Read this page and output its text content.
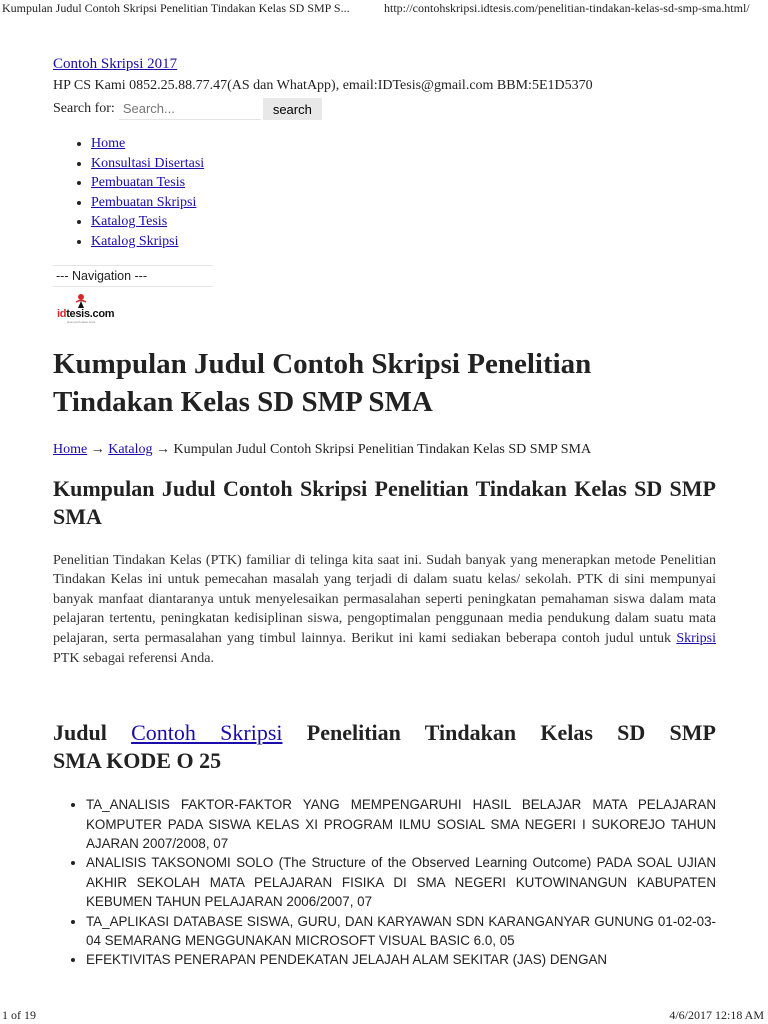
Kumpulan Judul Contoh Skripsi Penelitian Tindakan Kelas SD SMP S...	http://contohskripsi.idtesis.com/penelitian-tindakan-kelas-sd-smp-sma.html/
Contoh Skripsi 2017
HP CS Kami 0852.25.88.77.47(AS dan WhatApp), email:IDTesis@gmail.com BBM:5E1D5370
Search for:
Search...	search
• Home
• Konsultasi Disertasi
• Pembuatan Tesis
• Pembuatan Skripsi
• Katalog Tesis
• Katalog Skripsi
--- Navigation ---
idtesis.com
jasa pembuatan tesis
Kumpulan Judul Contoh Skripsi Penelitian Tindakan Kelas SD SMP SMA
Home → Katalog → Kumpulan Judul Contoh Skripsi Penelitian Tindakan Kelas SD SMP SMA
Kumpulan Judul Contoh Skripsi Penelitian Tindakan Kelas SD SMP SMA

Penelitian Tindakan Kelas (PTK) familiar di telinga kita saat ini. Sudah banyak yang menerapkan metode Penelitian Tindakan Kelas ini untuk pemecahan masalah yang terjadi di dalam suatu kelas/ sekolah. PTK di sini mempunyai banyak manfaat diantaranya untuk menyelesaikan permasalahan seperti peningkatan pemahaman siswa dalam mata pelajaran tertentu, peningkatan kedisiplinan siswa, pengoptimalan penggunaan media pendukung dalam suatu mata pelajaran, serta permasalahan yang timbul lainnya. Berikut ini kami sediakan beberapa contoh judul untuk Skripsi PTK sebagai referensi Anda.

Judul Contoh Skripsi Penelitian Tindakan Kelas SD SMP
SMA KODE O 25
• TA_ANALISIS FAKTOR-FAKTOR YANG MEMPENGARUHI HASIL BELAJAR MATA PELAJARAN KOMPUTER PADA SISWA KELAS XI PROGRAM ILMU SOSIAL SMA NEGERI I SUKOREJO TAHUN AJARAN 2007/2008, 07
• ANALISIS TAKSONOMI SOLO (The Structure of the Observed Learning Outcome) PADA SOAL UJIAN AKHIR SEKOLAH MATA PELAJARAN FISIKA DI SMA NEGERI KUTOWINANGUN KABUPATEN KEBUMEN TAHUN PELAJARAN 2006/2007, 07
• TA_APLIKASI DATABASE SISWA, GURU, DAN KARYAWAN SDN KARANGANYAR GUNUNG 01-02-03-04 SEMARANG MENGGUNAKAN MICROSOFT VISUAL BASIC 6.0, 05
• EFEKTIVITAS PENERAPAN PENDEKATAN JELAJAH ALAM SEKITAR (JAS) DENGAN
1 of 19	4/6/2017 12:18 AM
